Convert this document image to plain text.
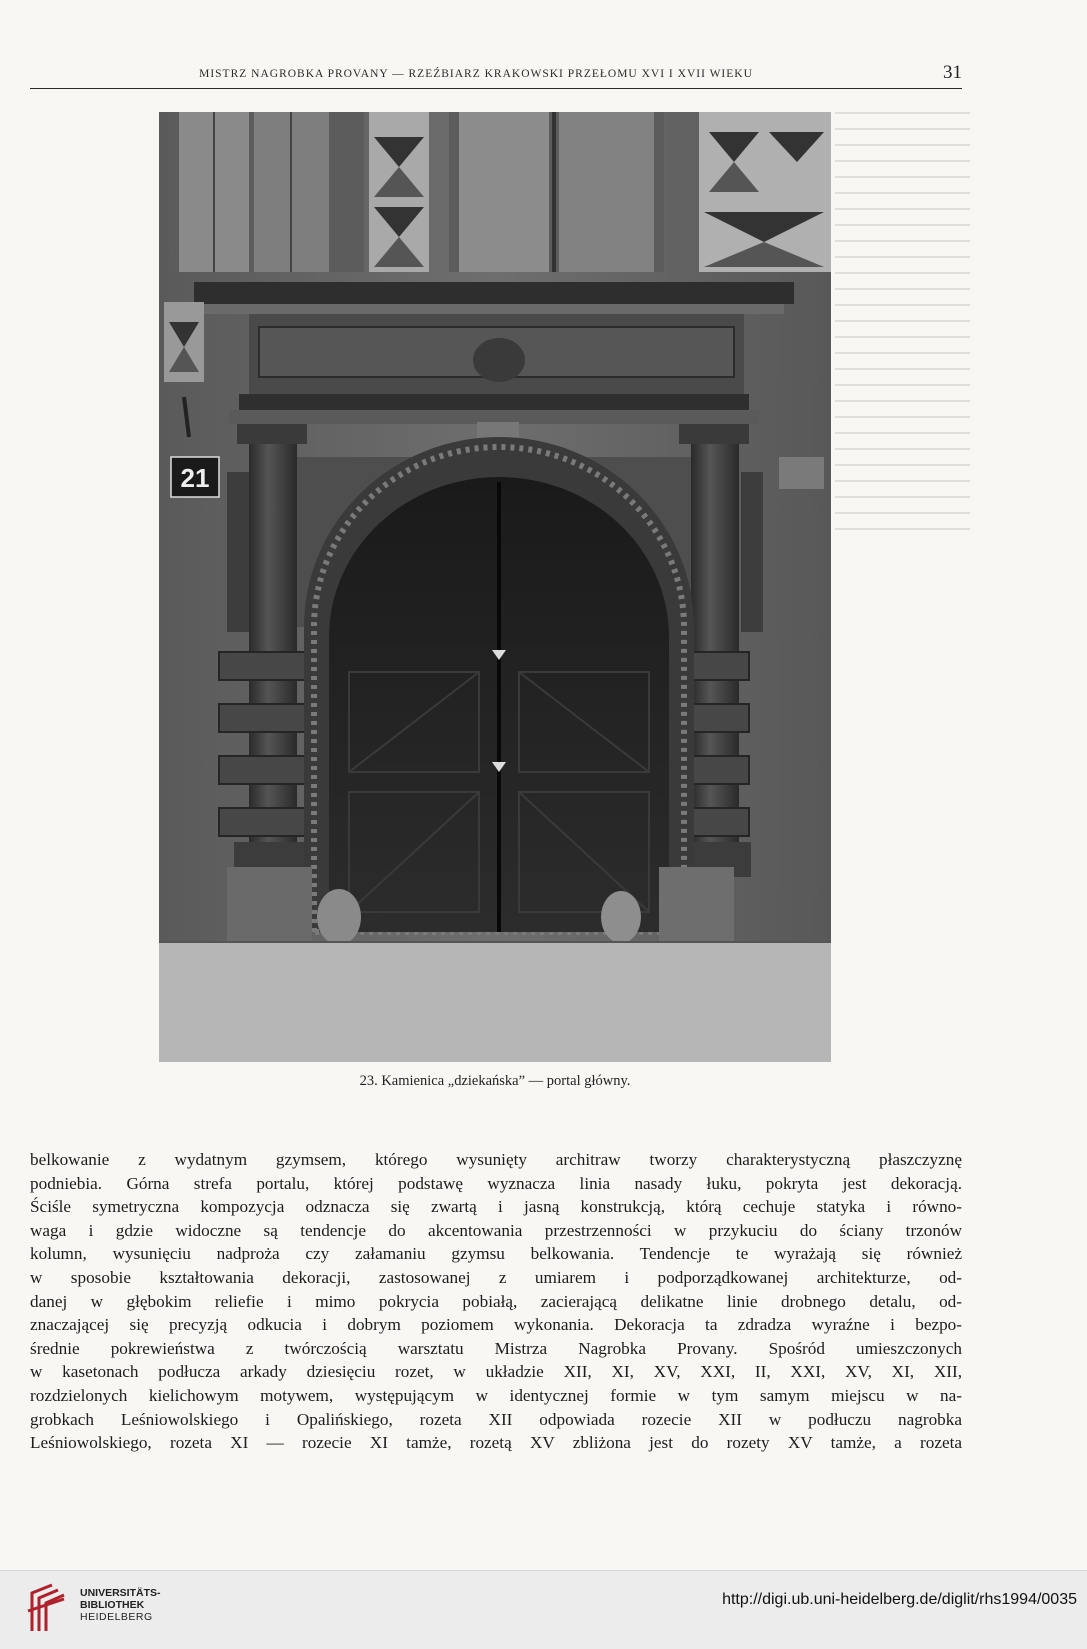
MISTRZ NAGROBKA PROVANY — RZEŹBIARZ KRAKOWSKI PRZEŁOMU XVI I XVII WIEKU	31
21
23. Kamienica „dziekańska” — portal główny.

belkowanie z wydatnym gzymsem, którego wysunięty architraw tworzy charakterystyczną płaszczyznę

podniebia. Górna strefa portalu, której podstawę wyznacza linia nasady łuku, pokryta jest dekoracją.

Ściśle symetryczna kompozycja odznacza się zwartą i jasną konstrukcją, którą cechuje statyka i równo-

waga i gdzie widoczne są tendencje do akcentowania przestrzenności w przykuciu do ściany trzonów

kolumn, wysunięciu nadproża czy załamaniu gzymsu belkowania. Tendencje te wyrażają się również

w sposobie kształtowania dekoracji, zastosowanej z umiarem i podporządkowanej architekturze, od-

danej w głębokim reliefie i mimo pokrycia pobiałą, zacierającą delikatne linie drobnego detalu, od-

znaczającej się precyzją odkucia i dobrym poziomem wykonania. Dekoracja ta zdradza wyraźne i bezpo-

średnie pokrewieństwa z twórczością warsztatu Mistrza Nagrobka Provany. Spośród umieszczonych

w kasetonach podłucza arkady dziesięciu rozet, w układzie XII, XI, XV, XXI, II, XXI, XV, XI, XII,

rozdzielonych kielichowym motywem, występującym w identycznej formie w tym samym miejscu w na-

grobkach Leśniowolskiego i Opalińskiego, rozeta XII odpowiada rozecie XII w podłuczu nagrobka

Leśniowolskiego, rozeta XI — rozecie XI tamże, rozetą XV zbliżona jest do rozety XV tamże, a rozeta

UNIVERSITÄTS-
BIBLIOTHEK
HEIDELBERG
http://digi.ub.uni-heidelberg.de/diglit/rhs1994/0035
